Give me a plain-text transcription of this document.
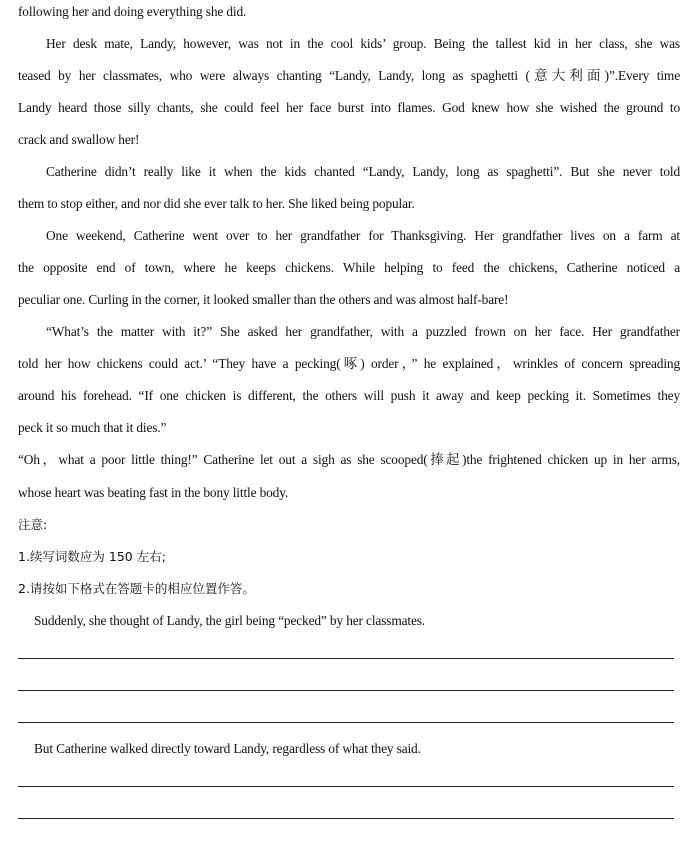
following her and doing everything she did.
Her desk mate, Landy, however, was not in the cool kids’ group. Being the tallest kid in her class, she was
teased by her classmates, who were always chanting “Landy, Landy, long as spaghetti (意大利面)”.Every time
Landy heard those silly chants, she could feel her face burst into flames. God knew how she wished the ground to
crack and swallow her!
Catherine didn’t really like it when the kids chanted “Landy, Landy, long as spaghetti”. But she never told
them to stop either, and nor did she ever talk to her. She liked being popular.
One weekend, Catherine went over to her grandfather for Thanksgiving. Her grandfather lives on a farm at
the opposite end of town, where he keeps chickens. While helping to feed the chickens, Catherine noticed a
peculiar one. Curling in the corner, it looked smaller than the others and was almost half-bare!
“What’s the matter with it?” She asked her grandfather, with a puzzled frown on her face. Her grandfather
told her how chickens could act.’ “They have a pecking(啄) order，” he explained，wrinkles of concern spreading
around his forehead. “If one chicken is different, the others will push it away and keep pecking it. Sometimes they
peck it so much that it dies.”
“Oh，what a poor little thing!” Catherine let out a sigh as she scooped(捧起)the frightened chicken up in her arms,
whose heart was beating fast in the bony little body.
注意:
1.续写词数应为 150 左右;
2.请按如下格式在答题卡的相应位置作答。
Suddenly, she thought of Landy, the girl being “pecked” by her classmates.
But Catherine walked directly toward Landy, regardless of what they said.
